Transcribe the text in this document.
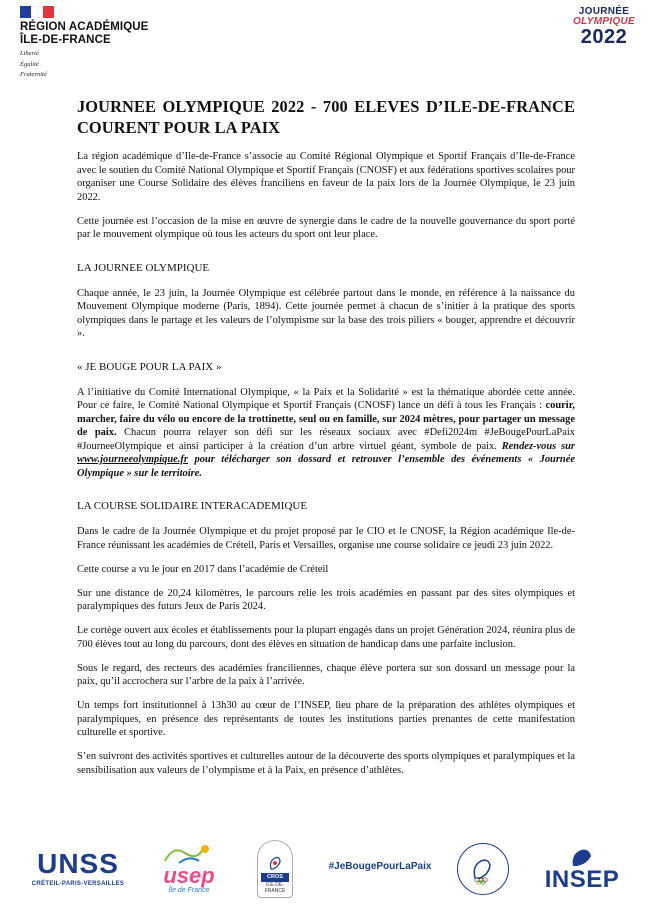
RÉGION ACADÉMIQUE
ÎLE-DE-FRANCE
Liberté
Égalité
Fraternité
JOURNÉE
OLYMPIQUE
2022
JOURNEE OLYMPIQUE 2022 - 700 ELEVES D’ILE-DE-FRANCE COURENT POUR LA PAIX

La région académique d’Ile-de-France s’associe au Comité Régional Olympique et Sportif Français d’Ile-de-France avec le soutien du Comité National Olympique et Sportif Français (CNOSF) et aux fédérations sportives scolaires pour organiser une Course Solidaire des élèves franciliens en faveur de la paix lors de la Journée Olympique, le 23 juin 2022.

Cette journée est l’occasion de la mise en œuvre de synergie dans le cadre de la nouvelle gouvernance du sport porté par le mouvement olympique où tous les acteurs du sport ont leur place.

LA JOURNEE OLYMPIQUE

Chaque année, le 23 juin, la Journée Olympique est célébrée partout dans le monde, en référence à la naissance du Mouvement Olympique moderne (Paris, 1894). Cette journée permet à chacun de s’initier à la pratique des sports olympiques dans le partage et les valeurs de l’olympisme sur la base des trois piliers « bouger, apprendre et découvrir ».

« JE BOUGE POUR LA PAIX »

A l’initiative du Comité International Olympique, « la Paix et la Solidarité » est la thématique abordée cette année. Pour ce faire, le Comité National Olympique et Sportif Français (CNOSF) lance un défi à tous les Français : courir, marcher, faire du vélo ou encore de la trottinette, seul ou en famille, sur 2024 mètres, pour partager un message de paix. Chacun pourra relayer son défi sur les réseaux sociaux avec #Defi2024m #JeBougePourLaPaix #JourneeOlympique et ainsi participer à la création d’un arbre virtuel géant, symbole de paix. Rendez-vous sur www.journeeolympique.fr pour télécharger son dossard et retrouver l’ensemble des événements « Journée Olympique » sur le territoire.

LA COURSE SOLIDAIRE INTERACADEMIQUE

Dans le cadre de la Journée Olympique et du projet proposé par le CIO et le CNOSF, la Région académique Ile-de-France réunissant les académies de Créteil, Paris et Versailles, organise une course solidaire ce jeudi 23 juin 2022.

Cette course a vu le jour en 2017 dans l’académie de Créteil

Sur une distance de 20,24 kilomètres, le parcours relie les trois académies en passant par des sites olympiques et paralympiques des futurs Jeux de Paris 2024.

Le cortège ouvert aux écoles et établissements pour la plupart engagés dans un projet Génération 2024, réunira plus de 700 élèves tout au long du parcours, dont des élèves en situation de handicap dans une parfaite inclusion.

Sous le regard, des recteurs des académies franciliennes, chaque élève portera sur son dossard un message pour la paix, qu’il accrochera sur l’arbre de la paix à l’arrivée.

Un temps fort institutionnel à 13h30 au cœur de l’INSEP, lieu phare de la préparation des athlètes olympiques et paralympiques, en présence des représentants de toutes les institutions parties prenantes de cette manifestation culturelle et sportive.

S’en suivront des activités sportives et culturelles autour de la découverte des sports olympiques et paralympiques et la sensibilisation aux valeurs de l’olympisme et à la Paix, en présence d’athlètes.

UNSS
CRÉTEIL-PARIS-VERSAILLES usep
Île de France
CROS
ILE-DE-FRANCE
#JeBougePourLaPaix	INSEP
